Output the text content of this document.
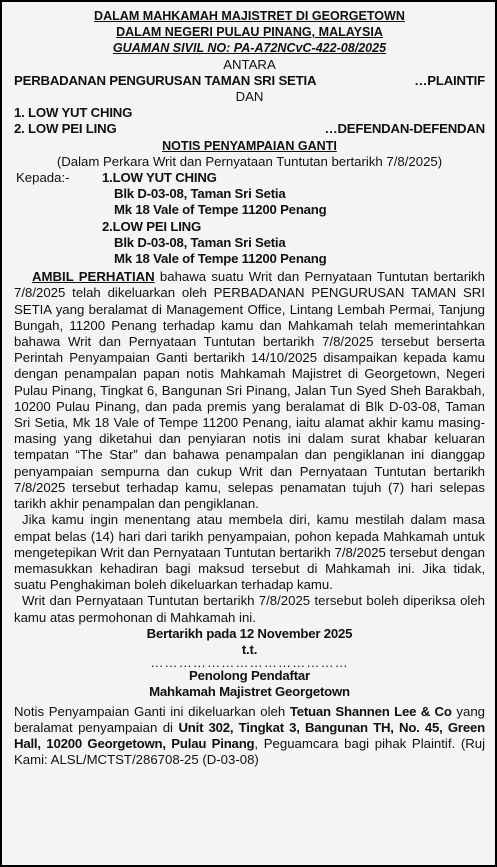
DALAM MAHKAMAH MAJISTRET DI GEORGETOWN
DALAM NEGERI PULAU PINANG, MALAYSIA
GUAMAN SIVIL NO: PA-A72NCvC-422-08/2025
ANTARA
PERBADANAN PENGURUSAN TAMAN SRI SETIA	…PLAINTIF
DAN
1. LOW YUT CHING
2. LOW PEI LING	…DEFENDAN-DEFENDAN
NOTIS PENYAMPAIAN GANTI
(Dalam Perkara Writ dan Pernyataan Tuntutan bertarikh 7/8/2025)
Kepada:-	1.LOW YUT CHING
Blk D-03-08, Taman Sri Setia
Mk 18 Vale of Tempe 11200 Penang
2.LOW PEI LING
Blk D-03-08, Taman Sri Setia
Mk 18 Vale of Tempe 11200 Penang

AMBIL PERHATIAN bahawa suatu Writ dan Pernyataan Tuntutan bertarikh 7/8/2025 telah dikeluarkan oleh PERBADANAN PENGURUSAN TAMAN SRI SETIA yang beralamat di Management Office, Lintang Lembah Permai, Tanjung Bungah, 11200 Penang terhadap kamu dan Mahkamah telah memerintahkan bahawa Writ dan Pernyataan Tuntutan bertarikh 7/8/2025 tersebut berserta Perintah Penyampaian Ganti bertarikh 14/10/2025 disampaikan kepada kamu dengan penampalan papan notis Mahkamah Majistret di Georgetown, Negeri Pulau Pinang, Tingkat 6, Bangunan Sri Pinang, Jalan Tun Syed Sheh Barakbah, 10200 Pulau Pinang, dan pada premis yang beralamat di Blk D-03-08, Taman Sri Setia, Mk 18 Vale of Tempe 11200 Penang, iaitu alamat akhir kamu masing-masing yang diketahui dan penyiaran notis ini dalam surat khabar keluaran tempatan “The Star” dan bahawa penampalan dan pengiklanan ini dianggap penyampaian sempurna dan cukup Writ dan Pernyataan Tuntutan bertarikh 7/8/2025 tersebut terhadap kamu, selepas penamatan tujuh (7) hari selepas tarikh akhir penampalan dan pengiklanan.

Jika kamu ingin menentang atau membela diri, kamu mestilah dalam masa empat belas (14) hari dari tarikh penyampaian, pohon kepada Mahkamah untuk mengetepikan Writ dan Pernyataan Tuntutan bertarikh 7/8/2025 tersebut dengan memasukkan kehadiran bagi maksud tersebut di Mahkamah ini. Jika tidak, suatu Penghakiman boleh dikeluarkan terhadap kamu.

Writ dan Pernyataan Tuntutan bertarikh 7/8/2025 tersebut boleh diperiksa oleh kamu atas permohonan di Mahkamah ini.

Bertarikh pada 12 November 2025
t.t.
……………………………………
Penolong Pendaftar
Mahkamah Majistret Georgetown

Notis Penyampaian Ganti ini dikeluarkan oleh Tetuan Shannen Lee & Co yang beralamat penyampaian di Unit 302, Tingkat 3, Bangunan TH, No. 45, Green Hall, 10200 Georgetown, Pulau Pinang, Peguamcara bagi pihak Plaintif. (Ruj Kami: ALSL/MCTST/286708-25 (D-03-08)
